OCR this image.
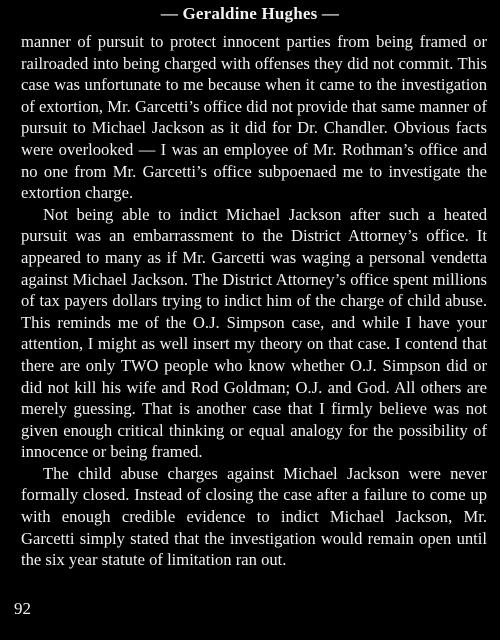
— Geraldine Hughes —

manner of pursuit to protect innocent parties from being framed or railroaded into being charged with offenses they did not commit. This case was unfortunate to me because when it came to the investigation of extortion, Mr. Garcetti’s office did not provide that same manner of pursuit to Michael Jackson as it did for Dr. Chandler. Obvious facts were overlooked — I was an employee of Mr. Rothman’s office and no one from Mr. Garcetti’s office subpoenaed me to investigate the extortion charge.

Not being able to indict Michael Jackson after such a heated pursuit was an embarrassment to the District Attorney’s office. It appeared to many as if Mr. Garcetti was waging a personal vendetta against Michael Jackson. The District Attorney’s office spent millions of tax payers dollars trying to indict him of the charge of child abuse. This reminds me of the O.J. Simpson case, and while I have your attention, I might as well insert my theory on that case. I contend that there are only TWO people who know whether O.J. Simpson did or did not kill his wife and Rod Goldman; O.J. and God. All others are merely guessing. That is another case that I firmly believe was not given enough critical thinking or equal analogy for the possibility of innocence or being framed.

The child abuse charges against Michael Jackson were never formally closed. Instead of closing the case after a failure to come up with enough credible evidence to indict Michael Jackson, Mr. Garcetti simply stated that the investigation would remain open until the six year statute of limitation ran out.

92
